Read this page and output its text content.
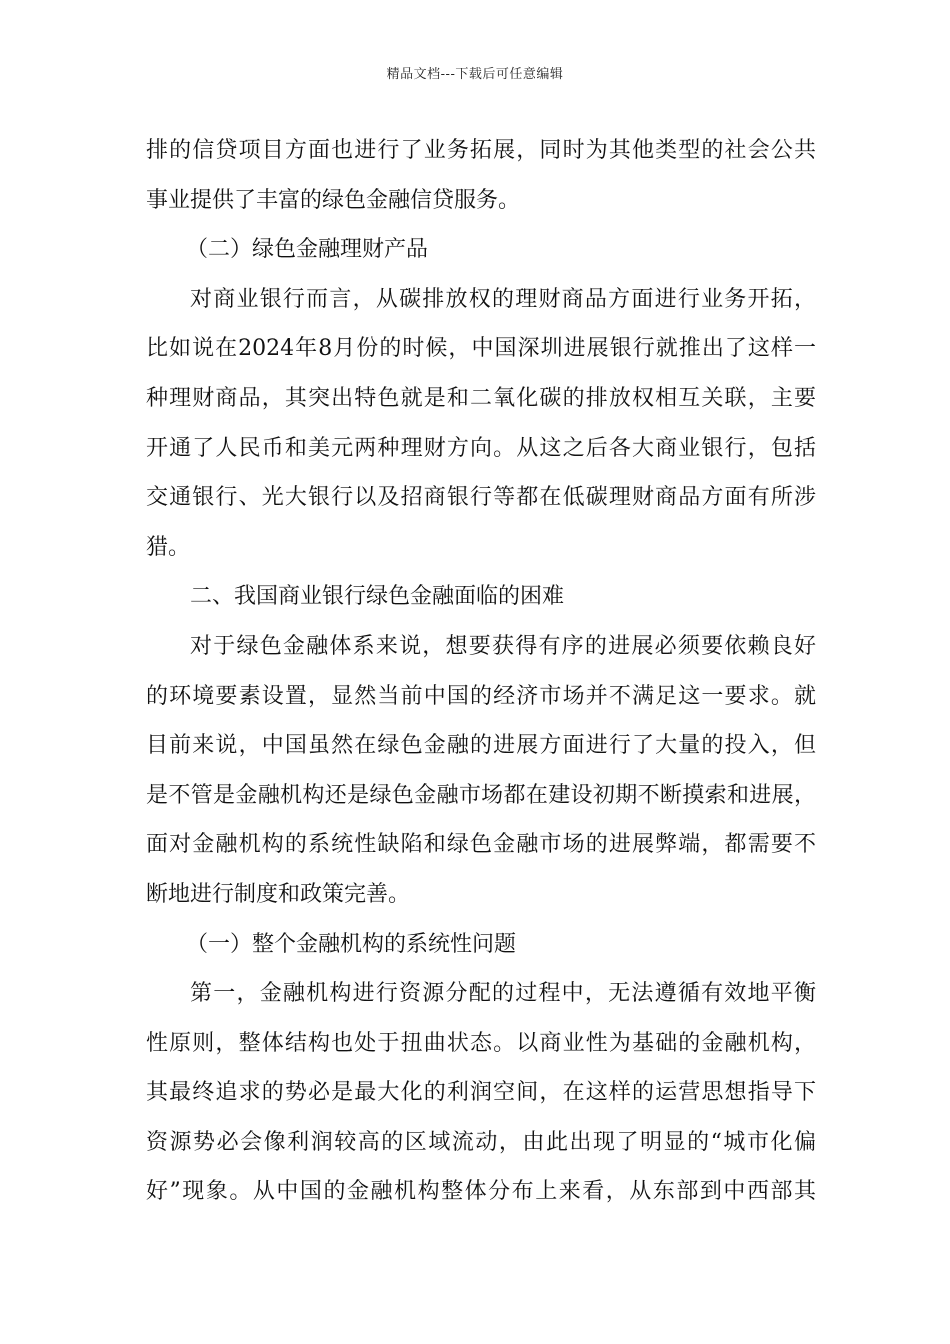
精品文档---下载后可任意编辑
排的信贷项目方面也进行了业务拓展，同时为其他类型的社会公共
事业提供了丰富的绿色金融信贷服务。
（二）绿色金融理财产品
对商业银行而言，从碳排放权的理财商品方面进行业务开拓，
比如说在2024年8月份的时候，中国深圳进展银行就推出了这样一
种理财商品，其突出特色就是和二氧化碳的排放权相互关联，主要
开通了人民币和美元两种理财方向。从这之后各大商业银行，包括
交通银行、光大银行以及招商银行等都在低碳理财商品方面有所涉
猎。
二、我国商业银行绿色金融面临的困难
对于绿色金融体系来说，想要获得有序的进展必须要依赖良好
的环境要素设置，显然当前中国的经济市场并不满足这一要求。就
目前来说，中国虽然在绿色金融的进展方面进行了大量的投入，但
是不管是金融机构还是绿色金融市场都在建设初期不断摸索和进展，
面对金融机构的系统性缺陷和绿色金融市场的进展弊端，都需要不
断地进行制度和政策完善。
（一）整个金融机构的系统性问题
第一，金融机构进行资源分配的过程中，无法遵循有效地平衡
性原则，整体结构也处于扭曲状态。以商业性为基础的金融机构，
其最终追求的势必是最大化的利润空间，在这样的运营思想指导下
资源势必会像利润较高的区域流动，由此出现了明显的“城市化偏
好”现象。从中国的金融机构整体分布上来看，从东部到中西部其
